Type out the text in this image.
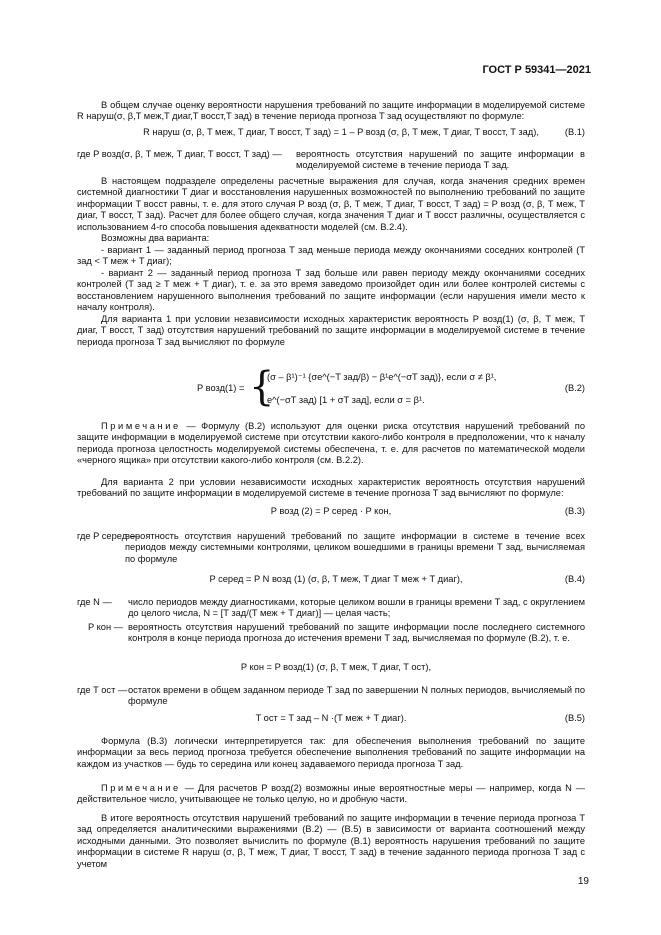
ГОСТ Р 59341—2021

В общем случае оценку вероятности нарушения требований по защите информации в моделируемой системе R наруш(σ, β,T меж,T диаг,T восст,T зад) в течение периода прогноза T зад осуществляют по формуле:

R наруш (σ, β, T меж, T диаг, T восст, T зад) = 1 – P возд (σ, β, T меж, T диаг, T восст, T зад),	(В.1)
где P возд(σ, β, T меж, T диаг, T восст, T зад) —	вероятность отсутствия нарушений по защите информации в моделируемой системе в течение периода T зад.

В настоящем подразделе определены расчетные выражения для случая, когда значения средних времен системной диагностики T диаг и восстановления нарушенных возможностей по выполнению требований по защите информации T восст равны, т. е. для этого случая P возд (σ, β, T меж, T диаг, T восст, T зад) = P возд (σ, β, T меж, T диаг, T восст, T зад). Расчет для более общего случая, когда значения T диаг и T восст различны, осуществляется с использованием 4-го способа повышения адекватности моделей (см. В.2.4).

Возможны два варианта:

- вариант 1 — заданный период прогноза T зад меньше периода между окончаниями соседних контролей (T зад < T меж + T диаг);

- вариант 2 — заданный период прогноза T зад больше или равен периоду между окончаниями соседних контролей (T зад ≥ T меж + T диаг), т. е. за это время заведомо произойдет один или более контролей системы с восстановлением нарушенного выполнения требований по защите информации (если нарушения имели место к началу контроля).

Для варианта 1 при условии независимости исходных характеристик вероятность P возд(1) (σ, β, T меж, T диаг, T восст, T зад) отсутствия нарушений требований по защите информации в моделируемой системе в течение периода прогноза T зад вычисляют по формуле

P возд(1) = {
(σ – β¹)⁻¹ {σe^(−T зад/β) − β¹e^(−σT зад)}, если σ ≠ β¹,
e^(−σT зад) [1 + σT зад], если σ = β¹.
(В.2)

Примечание — Формулу (В.2) используют для оценки риска отсутствия нарушений требований по защите информации в моделируемой системе при отсутствии какого-либо контроля в предположении, что к началу периода прогноза целостность моделируемой системы обеспечена, т. е. для расчетов по математической модели «черного ящика» при отсутствии какого-либо контроля (см. В.2.2).

Для варианта 2 при условии независимости исходных характеристик вероятность отсутствия нарушений требований по защите информации в моделируемой системе в течение прогноза T зад вычисляют по формуле:

P возд (2) = P серед · P кон,	(В.3)
где P серед —
вероятность отсутствия нарушений требований по защите информации в системе в течение всех периодов между системными контролями, целиком вошедшими в границы времени T зад, вычисляемая по формуле
P серед = P N возд (1) (σ, β, T меж, T диаг T меж + T диаг),	(В.4)
где N — число периодов между диагностиками, которые целиком вошли в границы времени T зад, с округлением до целого числа, N = [T зад/(T меж + T диаг)] — целая часть;
P кон — вероятность отсутствия нарушений требований по защите информации после последнего системного контроля в конце периода прогноза до истечения времени T зад, вычисляемая по формуле (В.2), т. е.
P кон = P возд(1) (σ, β, T меж, T диаг, T ост),
где T ост — остаток времени в общем заданном периоде T зад по завершении N полных периодов, вычисляемый по формуле
T ост = T зад – N ·(T меж + T диаг).	(В.5)

Формула (В.3) логически интерпретируется так: для обеспечения выполнения требований по защите информации за весь период прогноза требуется обеспечение выполнения требований по защите информации на каждом из участков — будь то середина или конец задаваемого периода прогноза T зад.

Примечание — Для расчетов P возд(2) возможны иные вероятностные меры — например, когда N — действительное число, учитывающее не только целую, но и дробную части.

В итоге вероятность отсутствия нарушений требований по защите информации в течение периода прогноза T зад определяется аналитическими выражениями (В.2) — (В.5) в зависимости от варианта соотношений между исходными данными. Это позволяет вычислить по формуле (В.1) вероятность нарушения требований по защите информации в системе R наруш (σ, β, T меж, T диаг, T восст, T зад) в течение заданного периода прогноза T зад с учетом

19
